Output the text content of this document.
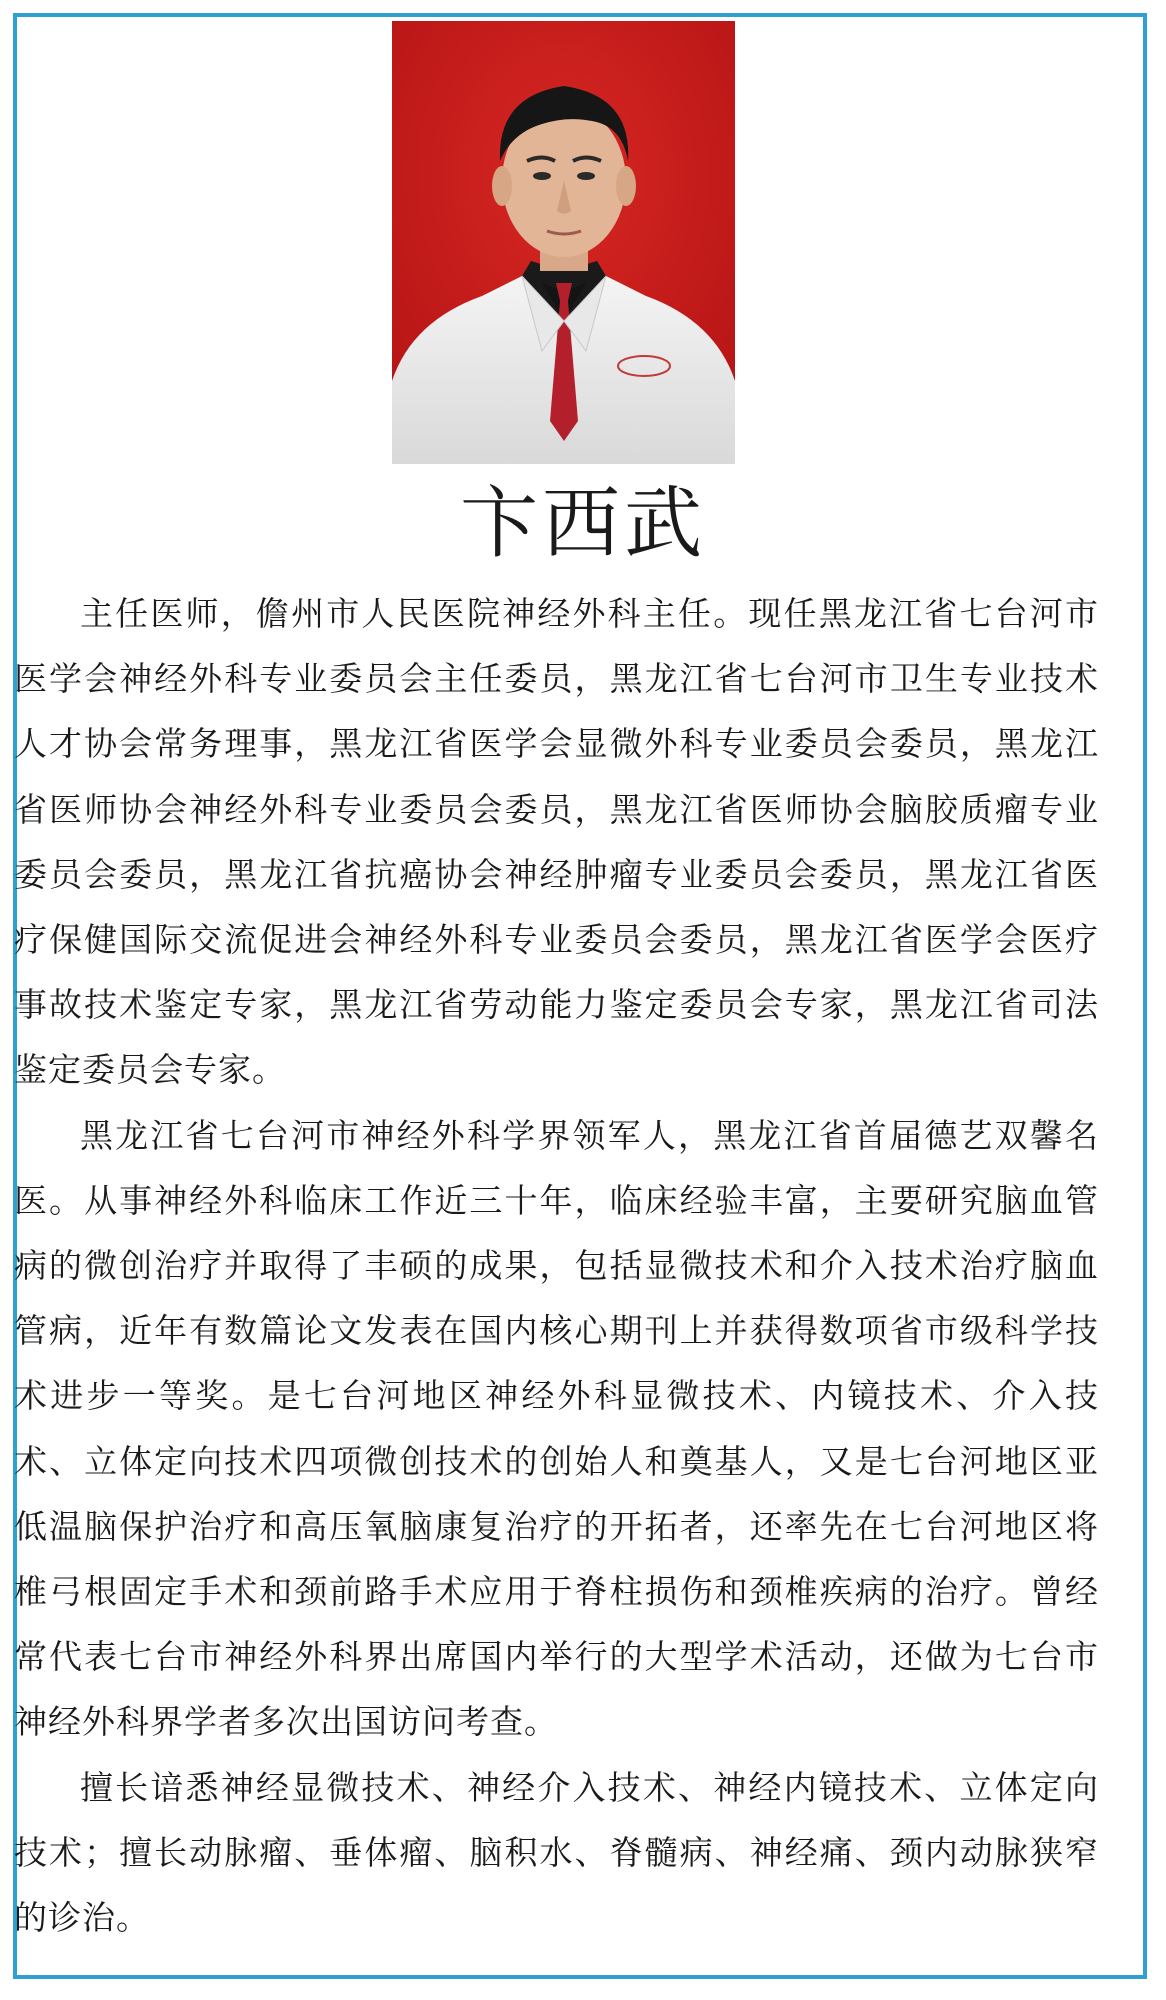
卞西武

主任医师，儋州市人民医院神经外科主任。现任黑龙江省七台河市医学会神经外科专业委员会主任委员，黑龙江省七台河市卫生专业技术人才协会常务理事，黑龙江省医学会显微外科专业委员会委员，黑龙江省医师协会神经外科专业委员会委员，黑龙江省医师协会脑胶质瘤专业委员会委员，黑龙江省抗癌协会神经肿瘤专业委员会委员，黑龙江省医疗保健国际交流促进会神经外科专业委员会委员，黑龙江省医学会医疗事故技术鉴定专家，黑龙江省劳动能力鉴定委员会专家，黑龙江省司法鉴定委员会专家。

黑龙江省七台河市神经外科学界领军人，黑龙江省首届德艺双馨名医。从事神经外科临床工作近三十年，临床经验丰富，主要研究脑血管病的微创治疗并取得了丰硕的成果，包括显微技术和介入技术治疗脑血管病，近年有数篇论文发表在国内核心期刊上并获得数项省市级科学技术进步一等奖。是七台河地区神经外科显微技术、内镜技术、介入技术、立体定向技术四项微创技术的创始人和奠基人，又是七台河地区亚低温脑保护治疗和高压氧脑康复治疗的开拓者，还率先在七台河地区将椎弓根固定手术和颈前路手术应用于脊柱损伤和颈椎疾病的治疗。曾经常代表七台市神经外科界出席国内举行的大型学术活动，还做为七台市神经外科界学者多次出国访问考查。

擅长谙悉神经显微技术、神经介入技术、神经内镜技术、立体定向技术；擅长动脉瘤、垂体瘤、脑积水、脊髓病、神经痛、颈内动脉狭窄的诊治。
